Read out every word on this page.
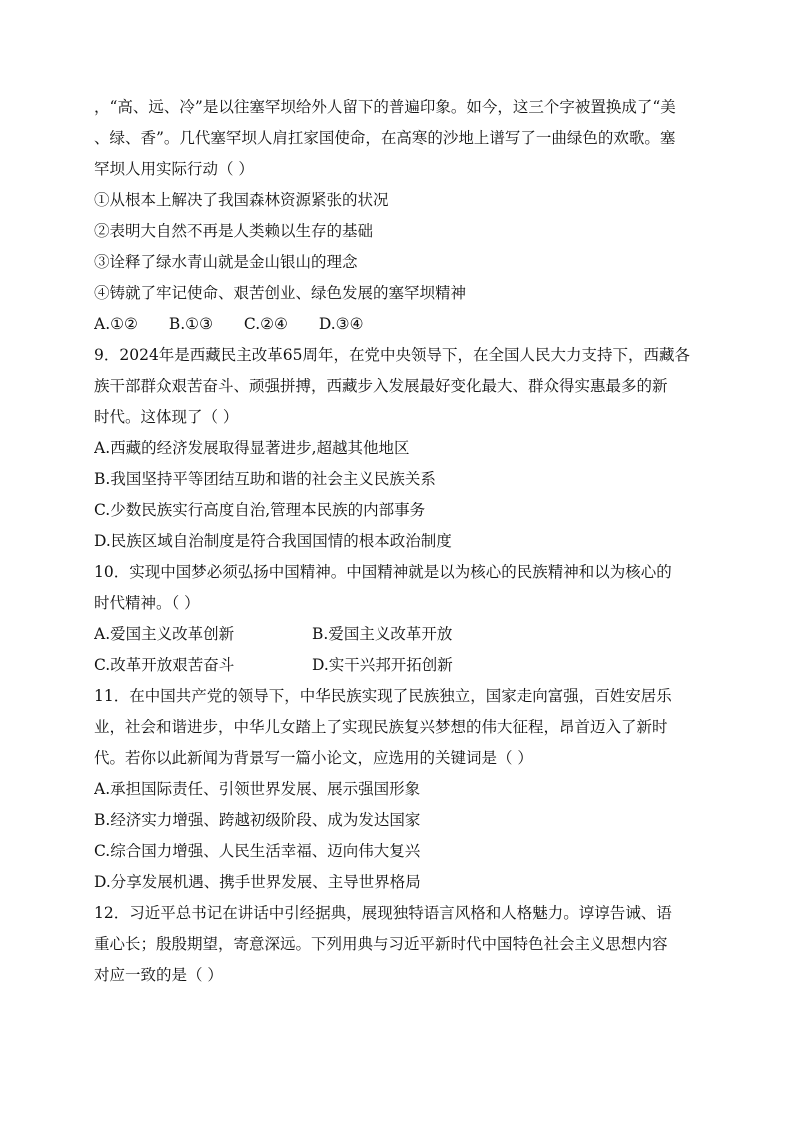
，“高、远、冷”是以往塞罕坝给外人留下的普遍印象。如今，这三个字被置换成了“美
、绿、香”。几代塞罕坝人肩扛家国使命，在高寒的沙地上谱写了一曲绿色的欢歌。塞
罕坝人用实际行动（ ）
①从根本上解决了我国森林资源紧张的状况
②表明大自然不再是人类赖以生存的基础
③诠释了绿水青山就是金山银山的理念
④铸就了牢记使命、艰苦创业、绿色发展的塞罕坝精神
A.①② B.①③ C.②④ D.③④
9．2024年是西藏民主改革65周年，在党中央领导下，在全国人民大力支持下，西藏各
族干部群众艰苦奋斗、顽强拼搏，西藏步入发展最好变化最大、群众得实惠最多的新
时代。这体现了（ ）
A.西藏的经济发展取得显著进步,超越其他地区
B.我国坚持平等团结互助和谐的社会主义民族关系
C.少数民族实行高度自治,管理本民族的内部事务
D.民族区域自治制度是符合我国国情的根本政治制度
10．实现中国梦必须弘扬中国精神。中国精神就是以为核心的民族精神和以为核心的
时代精神。（ ）
A.爱国主义改革创新	B.爱国主义改革开放
C.改革开放艰苦奋斗	D.实干兴邦开拓创新
11．在中国共产党的领导下，中华民族实现了民族独立，国家走向富强，百姓安居乐
业，社会和谐进步，中华儿女踏上了实现民族复兴梦想的伟大征程，昂首迈入了新时
代。若你以此新闻为背景写一篇小论文，应选用的关键词是（ ）
A.承担国际责任、引领世界发展、展示强国形象
B.经济实力增强、跨越初级阶段、成为发达国家
C.综合国力增强、人民生活幸福、迈向伟大复兴
D.分享发展机遇、携手世界发展、主导世界格局
12．习近平总书记在讲话中引经据典，展现独特语言风格和人格魅力。谆谆告诫、语
重心长；殷殷期望，寄意深远。下列用典与习近平新时代中国特色社会主义思想内容
对应一致的是（ ）
